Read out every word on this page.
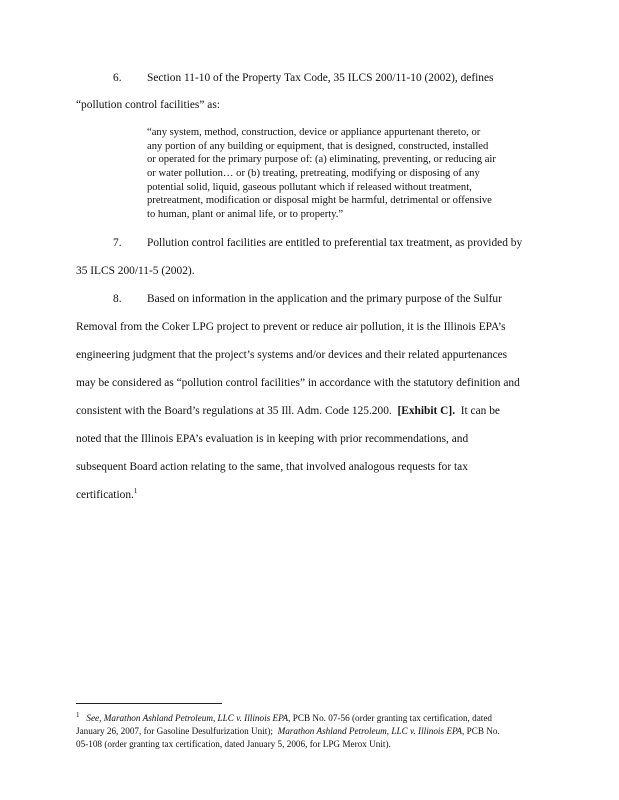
6. Section 11-10 of the Property Tax Code, 35 ILCS 200/11-10 (2002), defines
“pollution control facilities” as:
“any system, method, construction, device or appliance appurtenant thereto, or
any portion of any building or equipment, that is designed, constructed, installed
or operated for the primary purpose of: (a) eliminating, preventing, or reducing air
or water pollution… or (b) treating, pretreating, modifying or disposing of any
potential solid, liquid, gaseous pollutant which if released without treatment,
pretreatment, modification or disposal might be harmful, detrimental or offensive
to human, plant or animal life, or to property.”
7. Pollution control facilities are entitled to preferential tax treatment, as provided by
35 ILCS 200/11-5 (2002).
8. Based on information in the application and the primary purpose of the Sulfur
Removal from the Coker LPG project to prevent or reduce air pollution, it is the Illinois EPA’s
engineering judgment that the project’s systems and/or devices and their related appurtenances
may be considered as “pollution control facilities” in accordance with the statutory definition and
consistent with the Board’s regulations at 35 Ill. Adm. Code 125.200. [Exhibit C]. It can be
noted that the Illinois EPA’s evaluation is in keeping with prior recommendations, and
subsequent Board action relating to the same, that involved analogous requests for tax
certification.$^1$
$^1$ See, Marathon Ashland Petroleum, LLC v. Illinois EPA, PCB No. 07-56 (order granting tax certification, dated
January 26, 2007, for Gasoline Desulfurization Unit); Marathon Ashland Petroleum, LLC v. Illinois EPA, PCB No.
05-108 (order granting tax certification, dated January 5, 2006, for LPG Merox Unit).
